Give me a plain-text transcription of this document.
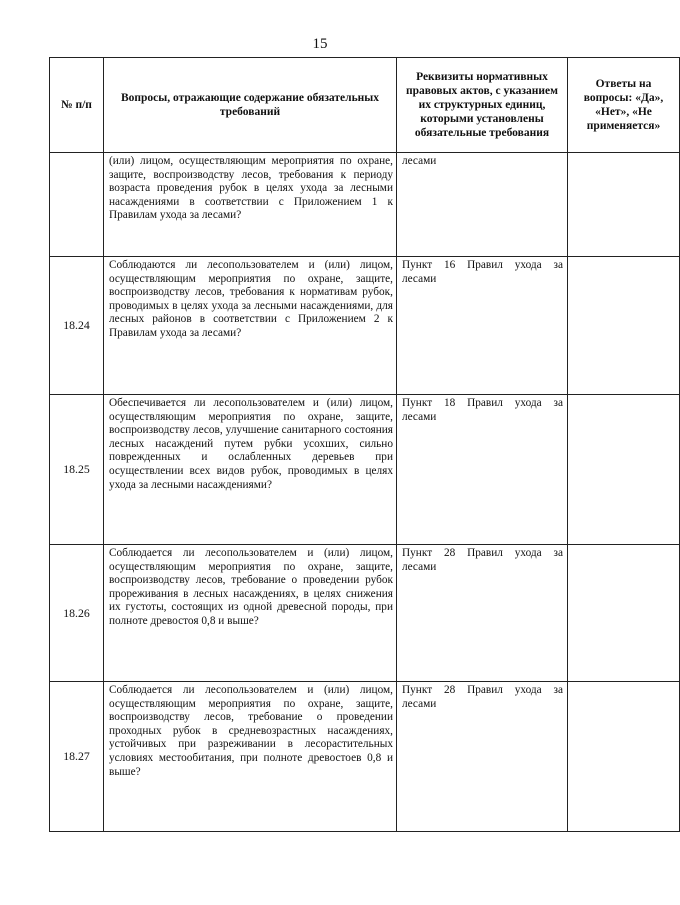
15
№ п/п	Вопросы, отражающие содержание обязательных требований	Реквизиты нормативных правовых актов, с указанием их структурных единиц, которыми установлены обязательные требования	Ответы на вопросы: «Да», «Нет», «Не применяется»

	(или) лицом, осуществляющим мероприятия по охране, защите, воспроизводству лесов, требования к периоду возраста проведения рубок в целях ухода за лесными насаждениями в соответствии с Приложением 1 к Правилам ухода за лесами?	лесами	
18.24	Соблюдаются ли лесопользователем и (или) лицом, осуществляющим мероприятия по охране, защите, воспроизводству лесов, требования к нормативам рубок, проводимых в целях ухода за лесными насаждениями, для лесных районов в соответствии с Приложением 2 к Правилам ухода за лесами?	Пункт 16 Правил ухода за лесами	
18.25	Обеспечивается ли лесопользователем и (или) лицом, осуществляющим мероприятия по охране, защите, воспроизводству лесов, улучшение санитарного состояния лесных насаждений путем рубки усохших, сильно поврежденных и ослабленных деревьев при осуществлении всех видов рубок, проводимых в целях ухода за лесными насаждениями?	Пункт 18 Правил ухода за лесами	
18.26	Соблюдается ли лесопользователем и (или) лицом, осуществляющим мероприятия по охране, защите, воспроизводству лесов, требование о проведении рубок прореживания в лесных насаждениях, в целях снижения их густоты, состоящих из одной древесной породы, при полноте древостоя 0,8 и выше?	Пункт 28 Правил ухода за лесами	
18.27	Соблюдается ли лесопользователем и (или) лицом, осуществляющим мероприятия по охране, защите, воспроизводству лесов, требование о проведении проходных рубок в средневозрастных насаждениях, устойчивых при разреживании в лесорастительных условиях местообитания, при полноте древостоев 0,8 и выше?	Пункт 28 Правил ухода за лесами	
